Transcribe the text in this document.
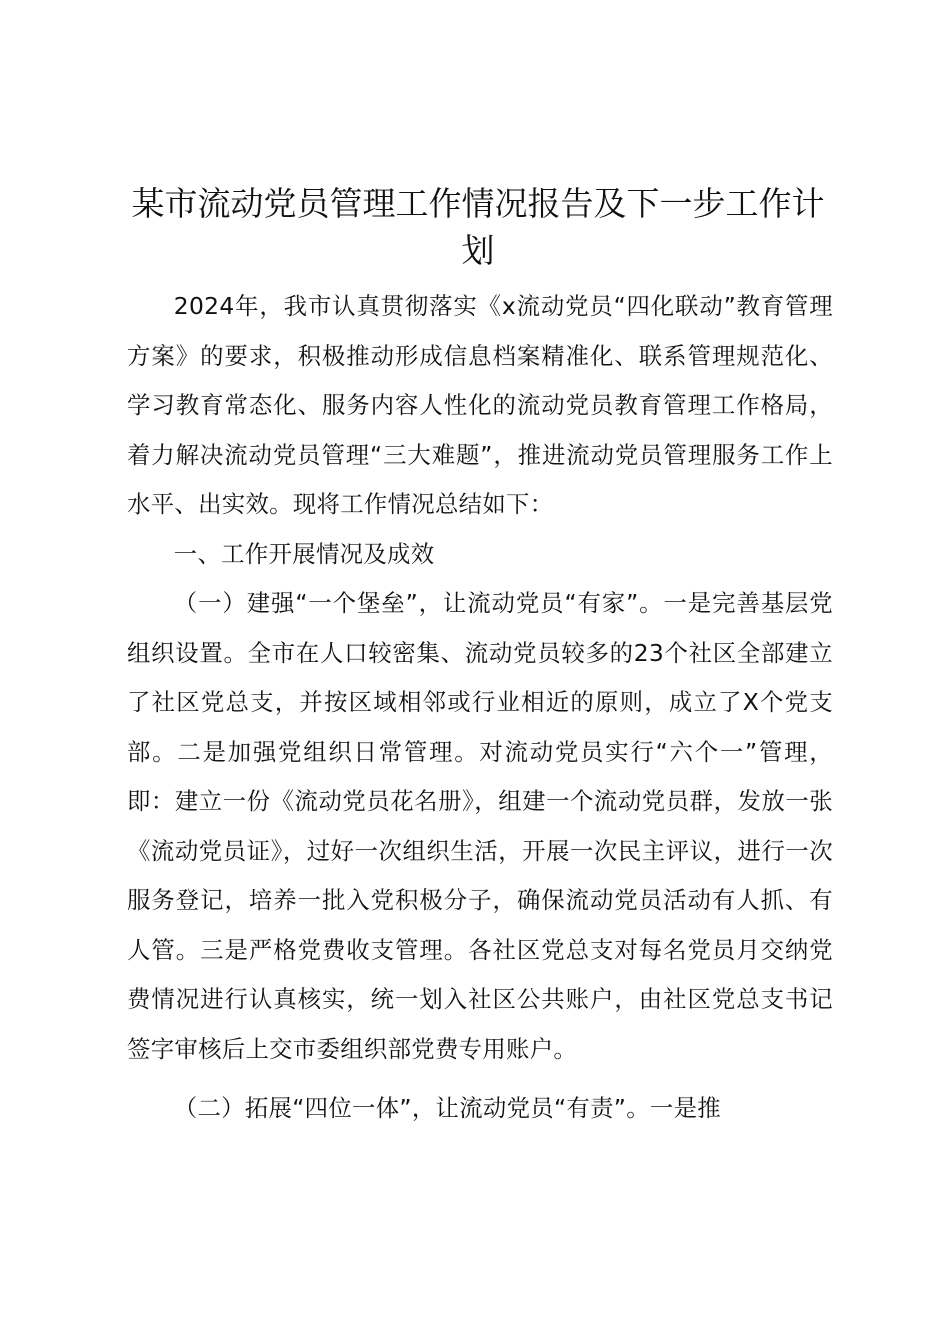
某市流动党员管理工作情况报告及下一步工作计划

2024年，我市认真贯彻落实《x流动党员“四化联动”教育管理方案》的要求，积极推动形成信息档案精准化、联系管理规范化、学习教育常态化、服务内容人性化的流动党员教育管理工作格局，着力解决流动党员管理“三大难题”，推进流动党员管理服务工作上水平、出实效。现将工作情况总结如下：

一、工作开展情况及成效

（一）建强“一个堡垒”，让流动党员“有家”。一是完善基层党组织设置。全市在人口较密集、流动党员较多的23个社区全部建立了社区党总支，并按区域相邻或行业相近的原则，成立了X个党支部。二是加强党组织日常管理。对流动党员实行“六个一”管理，即：建立一份《流动党员花名册》，组建一个流动党员群，发放一张《流动党员证》，过好一次组织生活，开展一次民主评议，进行一次服务登记，培养一批入党积极分子，确保流动党员活动有人抓、有人管。三是严格党费收支管理。各社区党总支对每名党员月交纳党费情况进行认真核实，统一划入社区公共账户，由社区党总支书记签字审核后上交市委组织部党费专用账户。

（二）拓展“四位一体”，让流动党员“有责”。一是推
